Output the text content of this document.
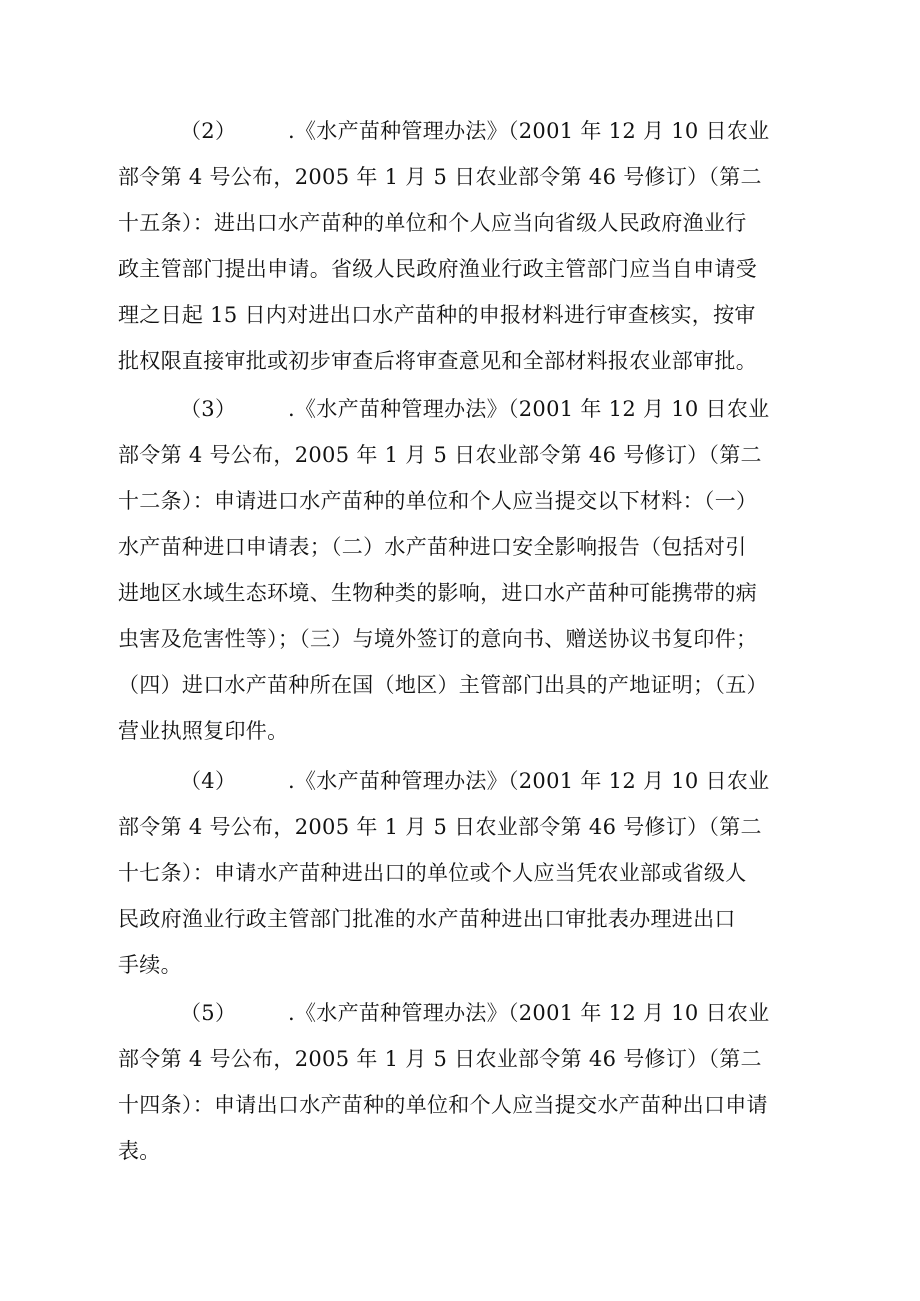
（2） .《水产苗种管理办法》（2001 年 12 月 10 日农业
部令第 4 号公布，2005 年 1 月 5 日农业部令第 46 号修订）（第二
十五条）：进出口水产苗种的单位和个人应当向省级人民政府渔业行
政主管部门提出申请。省级人民政府渔业行政主管部门应当自申请受
理之日起 15 日内对进出口水产苗种的申报材料进行审查核实，按审
批权限直接审批或初步审查后将审查意见和全部材料报农业部审批。
（3） .《水产苗种管理办法》（2001 年 12 月 10 日农业
部令第 4 号公布，2005 年 1 月 5 日农业部令第 46 号修订）（第二
十二条）：申请进口水产苗种的单位和个人应当提交以下材料：（一）
水产苗种进口申请表；（二）水产苗种进口安全影响报告（包括对引
进地区水域生态环境、生物种类的影响，进口水产苗种可能携带的病
虫害及危害性等）；（三）与境外签订的意向书、赠送协议书复印件；
（四）进口水产苗种所在国（地区）主管部门出具的产地证明；（五）
营业执照复印件。
（4） .《水产苗种管理办法》（2001 年 12 月 10 日农业
部令第 4 号公布，2005 年 1 月 5 日农业部令第 46 号修订）（第二
十七条）：申请水产苗种进出口的单位或个人应当凭农业部或省级人
民政府渔业行政主管部门批准的水产苗种进出口审批表办理进出口
手续。
（5） .《水产苗种管理办法》（2001 年 12 月 10 日农业
部令第 4 号公布，2005 年 1 月 5 日农业部令第 46 号修订）（第二
十四条）：申请出口水产苗种的单位和个人应当提交水产苗种出口申请
表。
